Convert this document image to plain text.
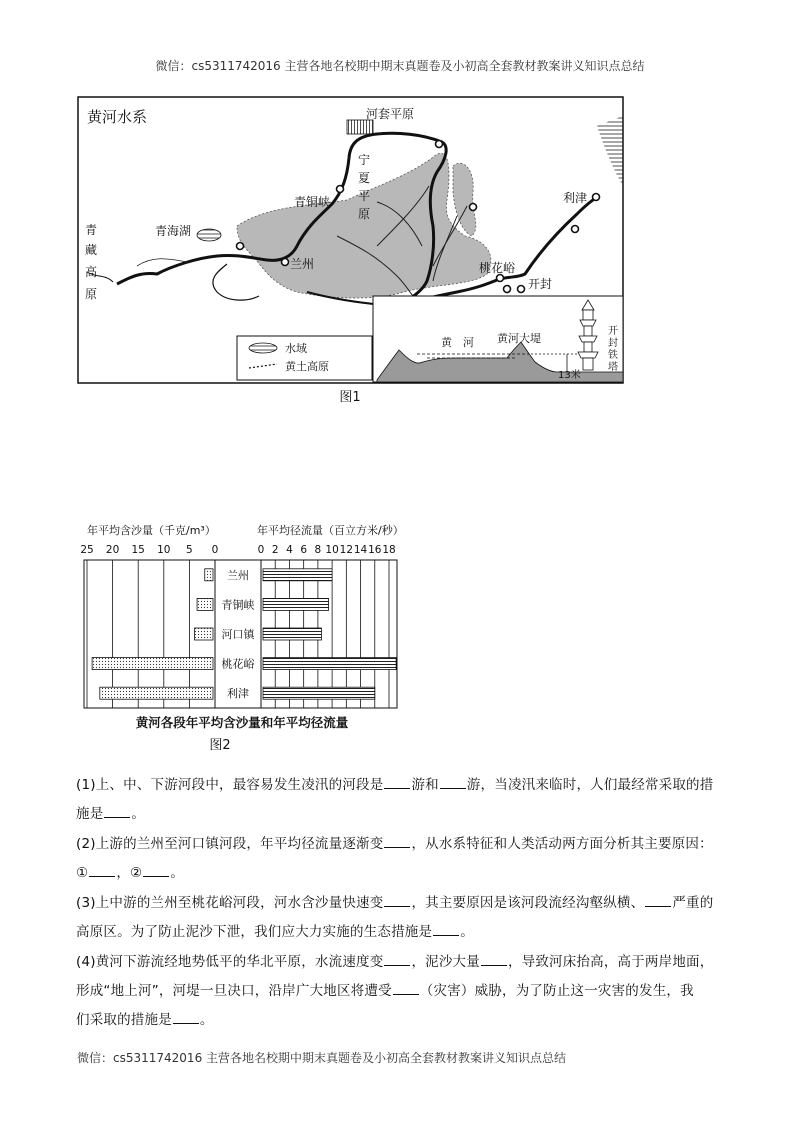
微信：cs5311742016 主营各地名校期中期末真题卷及小初高全套教材教案讲义知识点总结
黄河水系	河套平原
宁
夏
平
原
青铜峡
青海湖
兰州	桃花峪
开封
利津
青
藏
高
原
水域
黄土高原
黄　河 黄河大堤
开
封
铁
塔
13米
图1
年平均含沙量（千克/m³）	年平均径流量（百立方米/秒）
25 20 15 10 5 0	0 2 4 6 8 10 12 14 16 18
兰州
青铜峡
河口镇
桃花峪
利津
黄河各段年平均含沙量和年平均径流量
图2
(1)上、中、下游河段中，最容易发生凌汛的河段是 游和 游，当凌汛来临时，人们最经常采取的措
施是 。
(2)上游的兰州至河口镇河段，年平均径流量逐渐变 ，从水系特征和人类活动两方面分析其主要原因：
① ，② 。
(3)上中游的兰州至桃花峪河段，河水含沙量快速变 ，其主要原因是该河段流经沟壑纵横、 严重的
高原区。为了防止泥沙下泄，我们应大力实施的生态措施是 。
(4)黄河下游流经地势低平的华北平原，水流速度变 ，泥沙大量 ，导致河床抬高，高于两岸地面，
形成“地上河”，河堤一旦决口，沿岸广大地区将遭受 （灾害）威胁，为了防止这一灾害的发生，我
们采取的措施是 。
微信：cs5311742016 主营各地名校期中期末真题卷及小初高全套教材教案讲义知识点总结
